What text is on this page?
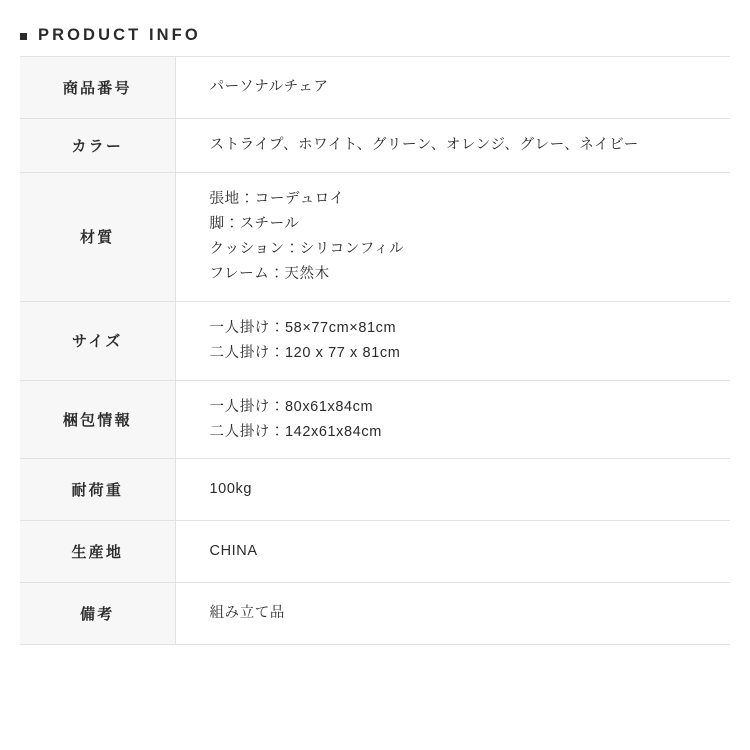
PRODUCT INFO
商品番号	パーソナルチェア

カラー	ストライプ、ホワイト、グリーン、オレンジ、グレー、ネイビー

材質	張地：コーデュロイ
脚：スチール
クッション：シリコンフィル
フレーム：天然木

サイズ	一人掛け：58×77cm×81cm
二人掛け：120 x 77 x 81cm

梱包情報	一人掛け：80x61x84cm
二人掛け：142x61x84cm

耐荷重	100kg

生産地	CHINA

備考	組み立て品
